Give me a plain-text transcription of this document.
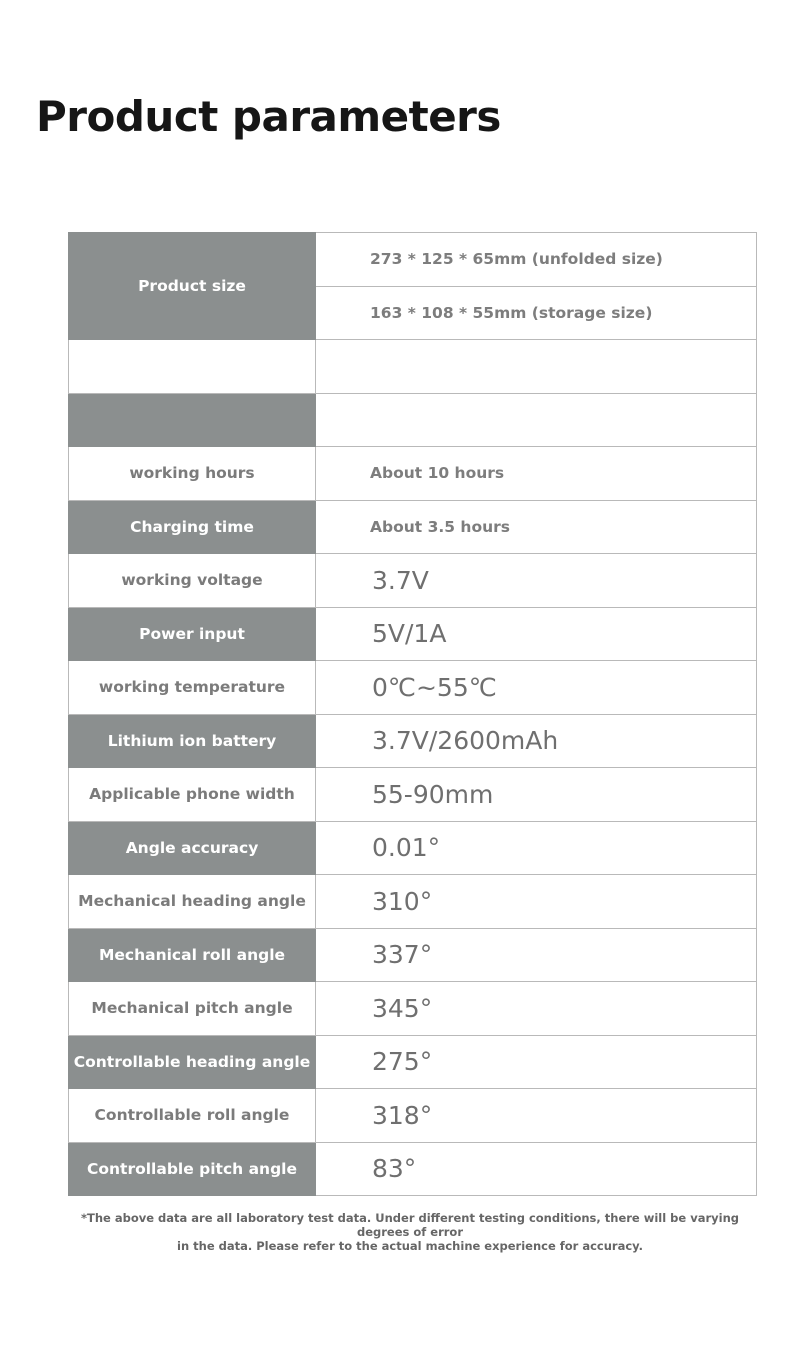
Product parameters
Product size	273 * 125 * 65mm (unfolded size)
	163 * 108 * 55mm (storage size)

working hours	About 10 hours
Charging time	About 3.5 hours
working voltage	3.7V
Power input	5V/1A
working temperature	0℃~55℃
Lithium ion battery	3.7V/2600mAh
Applicable phone width	55-90mm
Angle accuracy	0.01°
Mechanical heading angle	310°
Mechanical roll angle	337°
Mechanical pitch angle	345°
Controllable heading angle	275°
Controllable roll angle	318°
Controllable pitch angle	83°
*The above data are all laboratory test data. Under different testing conditions, there will be varying degrees of error
in the data. Please refer to the actual machine experience for accuracy.
